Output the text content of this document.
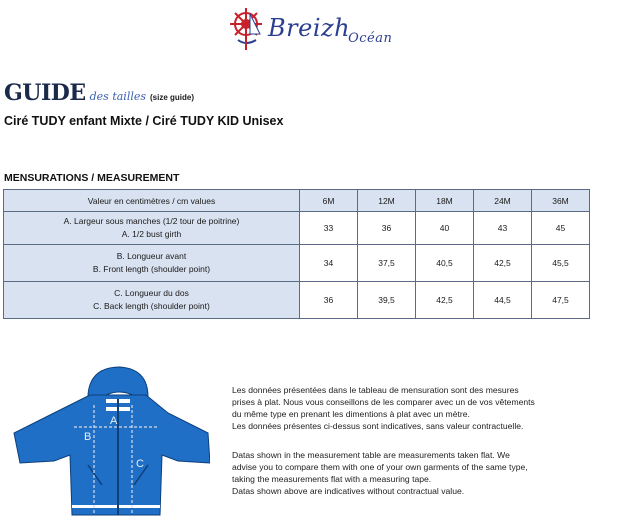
Breizh$_{Océan}$
GUIDE des tailles (size guide)
Ciré TUDY enfant Mixte / Ciré TUDY KID Unisex
MENSURATIONS / MEASUREMENT
Valeur en centimètres / cm values	6M	12M	18M	24M	36M

A. Largeur sous manches (1/2 tour de poitrine)
A. 1/2 bust girth	33	36	40	43	45

B. Longueur avant
B. Front length (shoulder point)	34	37,5	40,5	42,5	45,5

C. Longueur du dos
C. Back length (shoulder point)	36	39,5	42,5	44,5	47,5
A
B
C

Les données présentées dans le tableau de mensuration sont des mesures

prises à plat. Nous vous conseillons de les comparer avec un de vos vêtements

du même type en prenant les dimentions à plat avec un mètre.

Les données présentes ci-dessus sont indicatives, sans valeur contractuelle.

Datas shown in the measurement table are measurements taken flat. We

advise you to compare them with one of your own garments of the same type,

taking the measurements flat with a measuring tape.

Datas shown above are indicatives without contractual value.
